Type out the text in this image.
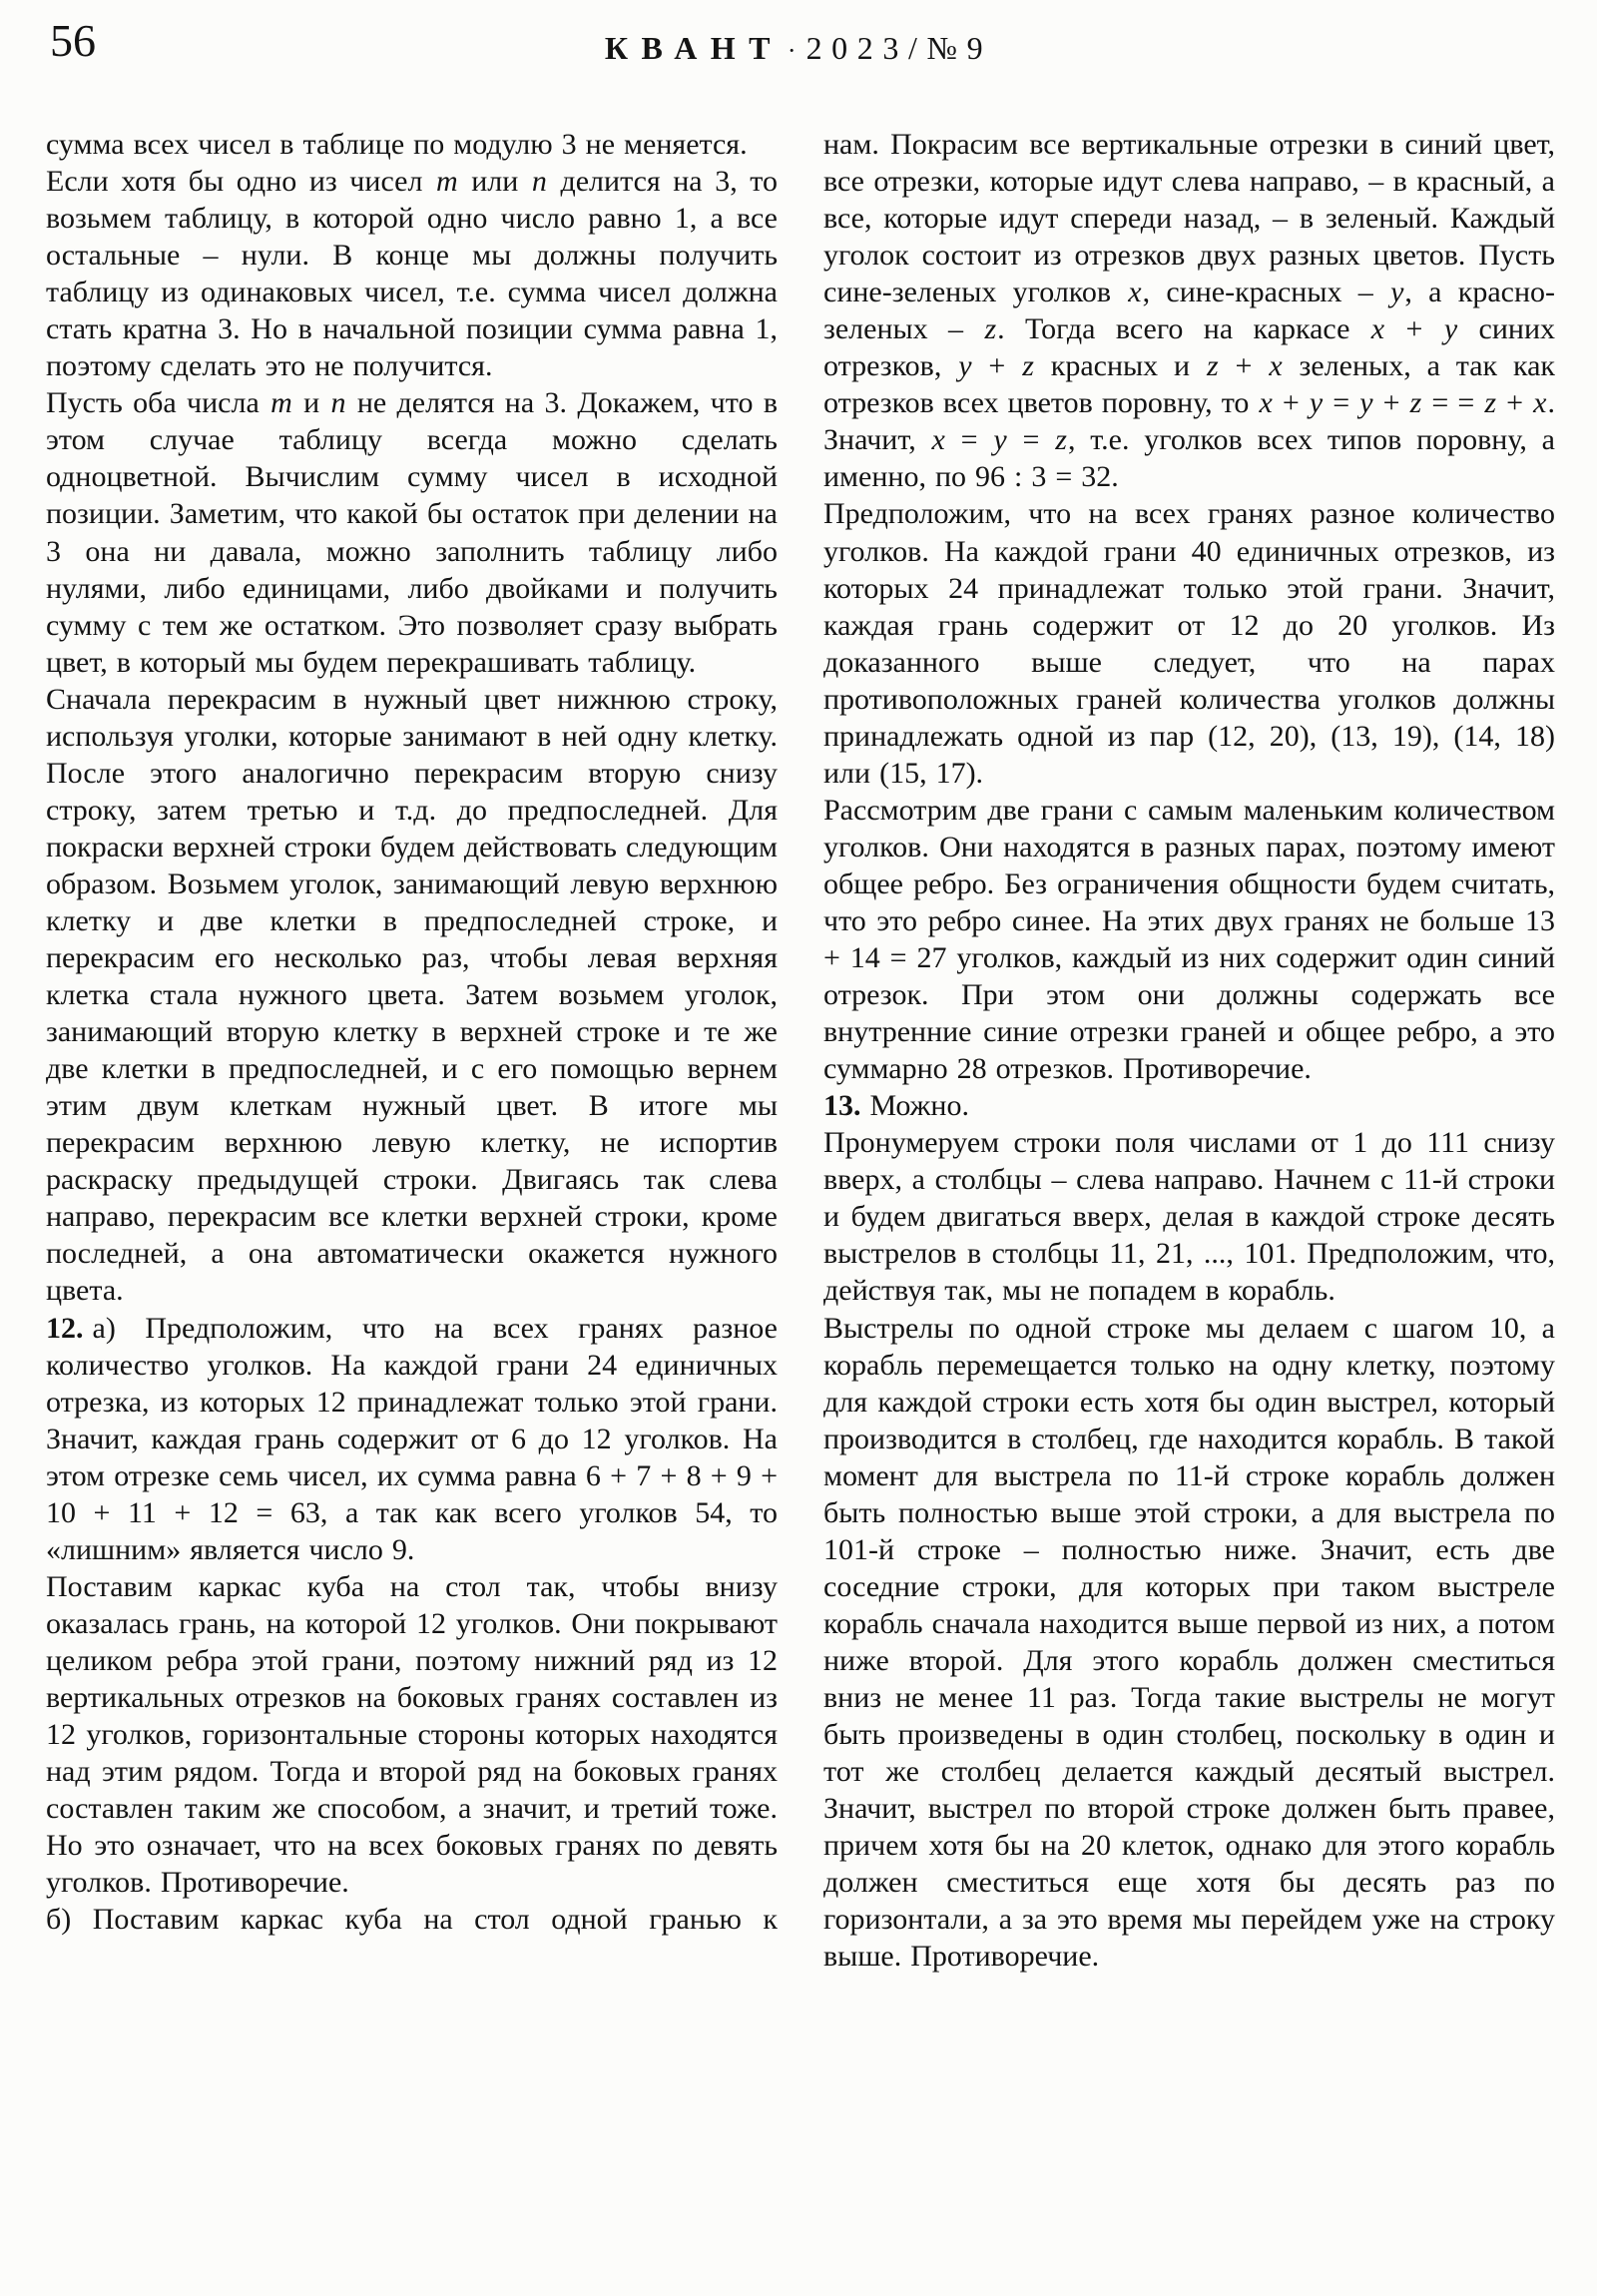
56	КВАНТ · 2023/№9

сумма всех чисел в таблице по модулю 3 не меняется.

Если хотя бы одно из чисел m или n делится на 3, то возьмем таблицу, в которой одно число равно 1, а все остальные – нули. В конце мы должны получить таблицу из одинаковых чисел, т.е. сумма чисел должна стать кратна 3. Но в начальной позиции сумма равна 1, поэтому сделать это не получится.

Пусть оба числа m и n не делятся на 3. Докажем, что в этом случае таблицу всегда можно сделать одноцветной. Вычислим сумму чисел в исходной позиции. Заметим, что какой бы остаток при делении на 3 она ни давала, можно заполнить таблицу либо нулями, либо единицами, либо двойками и получить сумму с тем же остатком. Это позволяет сразу выбрать цвет, в который мы будем перекрашивать таблицу.

Сначала перекрасим в нужный цвет нижнюю строку, используя уголки, которые занимают в ней одну клетку. После этого аналогично перекрасим вторую снизу строку, затем третью и т.д. до предпоследней. Для покраски верхней строки будем действовать следующим образом. Возьмем уголок, занимающий левую верхнюю клетку и две клетки в предпоследней строке, и перекрасим его несколько раз, чтобы левая верхняя клетка стала нужного цвета. Затем возьмем уголок, занимающий вторую клетку в верхней строке и те же две клетки в предпоследней, и с его помощью вернем этим двум клеткам нужный цвет. В итоге мы перекрасим верхнюю левую клетку, не испортив раскраску предыдущей строки. Двигаясь так слева направо, перекрасим все клетки верхней строки, кроме последней, а она автоматически окажется нужного цвета.

12. а) Предположим, что на всех гранях разное количество уголков. На каждой грани 24 единичных отрезка, из которых 12 принадлежат только этой грани. Значит, каждая грань содержит от 6 до 12 уголков. На этом отрезке семь чисел, их сумма равна 6 + 7 + 8 + 9 + 10 + 11 + 12 = 63, а так как всего уголков 54, то «лишним» является число 9.

Поставим каркас куба на стол так, чтобы внизу оказалась грань, на которой 12 уголков. Они покрывают целиком ребра этой грани, поэтому нижний ряд из 12 вертикальных отрезков на боковых гранях составлен из 12 уголков, горизонтальные стороны которых находятся над этим рядом. Тогда и второй ряд на боковых гранях составлен таким же способом, а значит, и третий тоже. Но это означает, что на всех боковых гранях по девять уголков. Противоречие.

б) Поставим каркас куба на стол одной гранью к

нам. Покрасим все вертикальные отрезки в синий цвет, все отрезки, которые идут слева направо, – в красный, а все, которые идут спереди назад, – в зеленый. Каждый уголок состоит из отрезков двух разных цветов. Пусть сине-зеленых уголков x, сине-красных – y, а красно-зеленых – z. Тогда всего на каркасе x + y синих отрезков, y + z красных и z + x зеленых, а так как отрезков всех цветов поровну, то x + y = y + z = = z + x. Значит, x = y = z, т.е. уголков всех типов поровну, а именно, по 96 : 3 = 32.

Предположим, что на всех гранях разное количество уголков. На каждой грани 40 единичных отрезков, из которых 24 принадлежат только этой грани. Значит, каждая грань содержит от 12 до 20 уголков. Из доказанного выше следует, что на парах противоположных граней количества уголков должны принадлежать одной из пар (12, 20), (13, 19), (14, 18) или (15, 17).

Рассмотрим две грани с самым маленьким количеством уголков. Они находятся в разных парах, поэтому имеют общее ребро. Без ограничения общности будем считать, что это ребро синее. На этих двух гранях не больше 13 + 14 = 27 уголков, каждый из них содержит один синий отрезок. При этом они должны содержать все внутренние синие отрезки граней и общее ребро, а это суммарно 28 отрезков. Противоречие.

13. Можно.

Пронумеруем строки поля числами от 1 до 111 снизу вверх, а столбцы – слева направо. Начнем с 11-й строки и будем двигаться вверх, делая в каждой строке десять выстрелов в столбцы 11, 21, ..., 101. Предположим, что, действуя так, мы не попадем в корабль.

Выстрелы по одной строке мы делаем с шагом 10, а корабль перемещается только на одну клетку, поэтому для каждой строки есть хотя бы один выстрел, который производится в столбец, где находится корабль. В такой момент для выстрела по 11-й строке корабль должен быть полностью выше этой строки, а для выстрела по 101-й строке – полностью ниже. Значит, есть две соседние строки, для которых при таком выстреле корабль сначала находится выше первой из них, а потом ниже второй. Для этого корабль должен сместиться вниз не менее 11 раз. Тогда такие выстрелы не могут быть произведены в один столбец, поскольку в один и тот же столбец делается каждый десятый выстрел. Значит, выстрел по второй строке должен быть правее, причем хотя бы на 20 клеток, однако для этого корабль должен сместиться еще хотя бы десять раз по горизонтали, а за это время мы перейдем уже на строку выше. Противоречие.
